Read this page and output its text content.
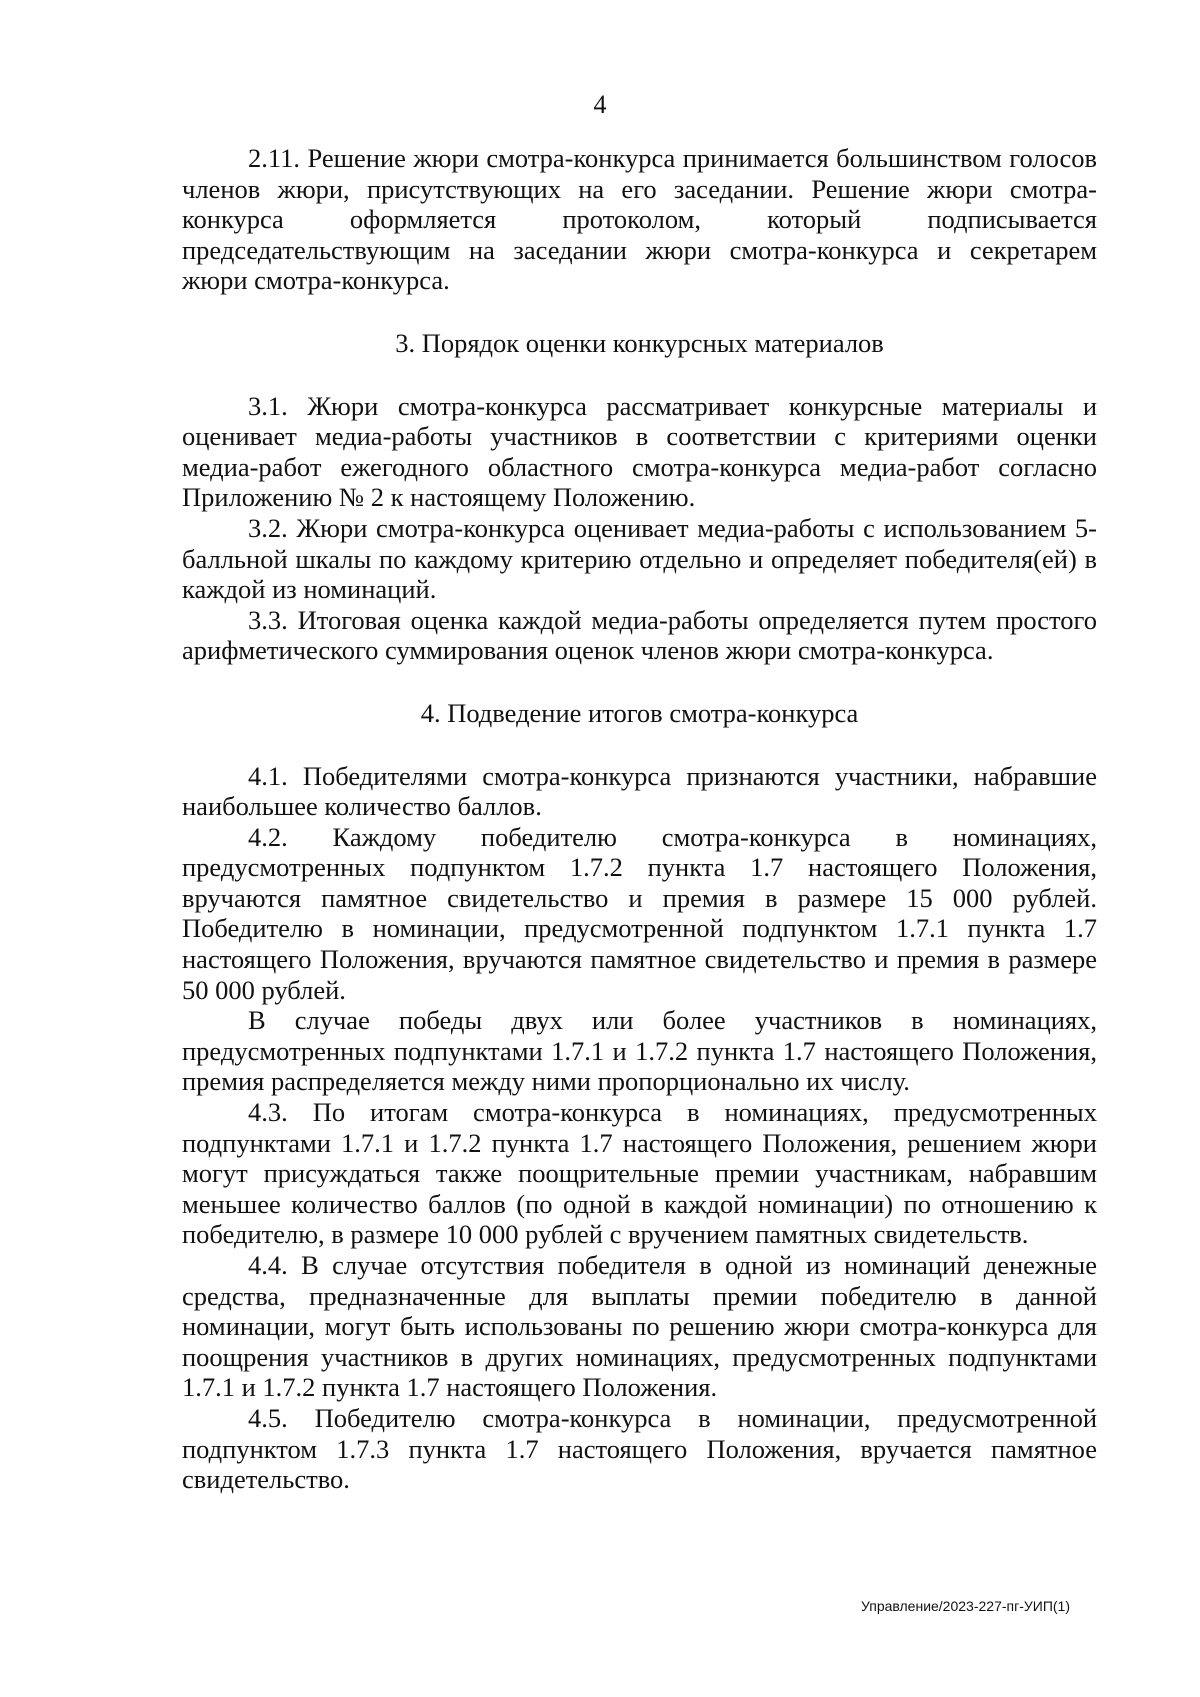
4

2.11. Решение жюри смотра-конкурса принимается большинством голосов членов жюри, присутствующих на его заседании. Решение жюри смотра-конкурса оформляется протоколом, который подписывается председательствующим на заседании жюри смотра-конкурса и секретарем жюри смотра-конкурса.

3. Порядок оценки конкурсных материалов

3.1. Жюри смотра-конкурса рассматривает конкурсные материалы и оценивает медиа-работы участников в соответствии с критериями оценки медиа-работ ежегодного областного смотра-конкурса медиа-работ согласно Приложению № 2 к настоящему Положению.

3.2. Жюри смотра-конкурса оценивает медиа-работы с использованием 5-балльной шкалы по каждому критерию отдельно и определяет победителя(ей) в каждой из номинаций.

3.3. Итоговая оценка каждой медиа-работы определяется путем простого арифметического суммирования оценок членов жюри смотра-конкурса.

4. Подведение итогов смотра-конкурса

4.1. Победителями смотра-конкурса признаются участники, набравшие наибольшее количество баллов.

4.2. Каждому победителю смотра-конкурса в номинациях, предусмотренных подпунктом 1.7.2 пункта 1.7 настоящего Положения, вручаются памятное свидетельство и премия в размере 15 000 рублей. Победителю в номинации, предусмотренной подпунктом 1.7.1 пункта 1.7 настоящего Положения, вручаются памятное свидетельство и премия в размере 50 000 рублей.

В случае победы двух или более участников в номинациях, предусмотренных подпунктами 1.7.1 и 1.7.2 пункта 1.7 настоящего Положения, премия распределяется между ними пропорционально их числу.

4.3. По итогам смотра-конкурса в номинациях, предусмотренных подпунктами 1.7.1 и 1.7.2 пункта 1.7 настоящего Положения, решением жюри могут присуждаться также поощрительные премии участникам, набравшим меньшее количество баллов (по одной в каждой номинации) по отношению к победителю, в размере 10 000 рублей с вручением памятных свидетельств.

4.4. В случае отсутствия победителя в одной из номинаций денежные средства, предназначенные для выплаты премии победителю в данной номинации, могут быть использованы по решению жюри смотра-конкурса для поощрения участников в других номинациях, предусмотренных подпунктами 1.7.1 и 1.7.2 пункта 1.7 настоящего Положения.

4.5. Победителю смотра-конкурса в номинации, предусмотренной подпунктом 1.7.3 пункта 1.7 настоящего Положения, вручается памятное свидетельство.

Управление/2023-227-пг-УИП(1)
